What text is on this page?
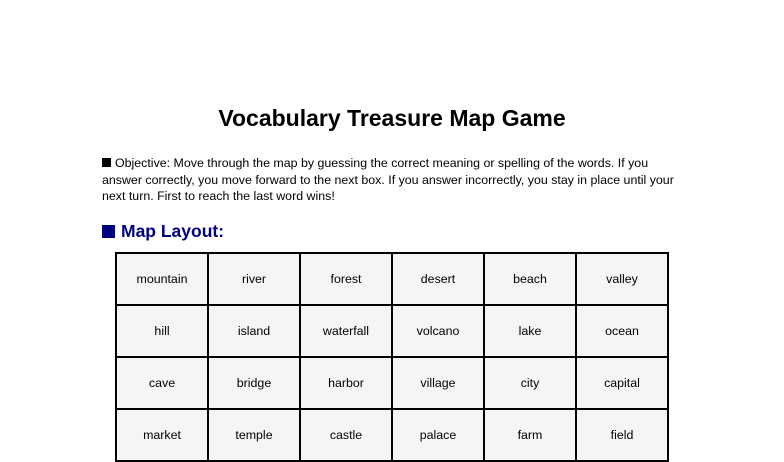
Vocabulary Treasure Map Game

Objective: Move through the map by guessing the correct meaning or spelling of the words. If you answer correctly, you move forward to the next box. If you answer incorrectly, you stay in place until your next turn. First to reach the last word wins!

Map Layout:
mountain	river	forest	desert	beach	valley
hill	island	waterfall	volcano	lake	ocean
cave	bridge	harbor	village	city	capital
market	temple	castle	palace	farm	field
